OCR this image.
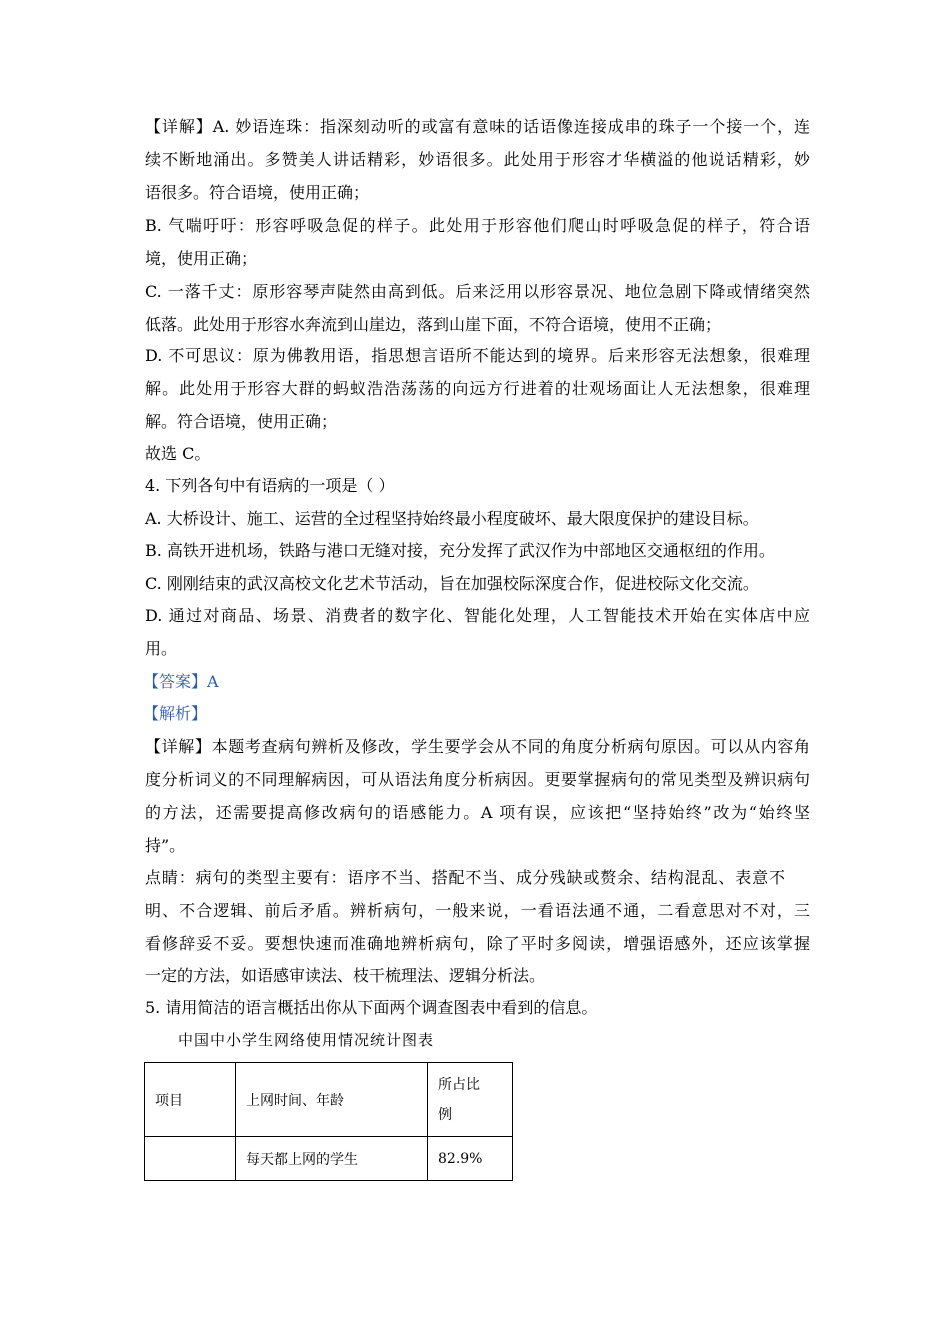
【详解】A. 妙语连珠：指深刻动听的或富有意味的话语像连接成串的珠子一个接一个，连
续不断地涌出。多赞美人讲话精彩，妙语很多。此处用于形容才华横溢的他说话精彩，妙
语很多。符合语境，使用正确；
B. 气喘吁吁：形容呼吸急促的样子。此处用于形容他们爬山时呼吸急促的样子，符合语
境，使用正确；
C. 一落千丈：原形容琴声陡然由高到低。后来泛用以形容景况、地位急剧下降或情绪突然
低落。此处用于形容水奔流到山崖边，落到山崖下面，不符合语境，使用不正确；
D. 不可思议：原为佛教用语，指思想言语所不能达到的境界。后来形容无法想象，很难理
解。此处用于形容大群的蚂蚁浩浩荡荡的向远方行进着的壮观场面让人无法想象，很难理
解。符合语境，使用正确；
故选 C。
4. 下列各句中有语病的一项是（ ）
A. 大桥设计、施工、运营的全过程坚持始终最小程度破坏、最大限度保护的建设目标。
B. 高铁开进机场，铁路与港口无缝对接，充分发挥了武汉作为中部地区交通枢纽的作用。
C. 刚刚结束的武汉高校文化艺术节活动，旨在加强校际深度合作，促进校际文化交流。
D. 通过对商品、场景、消费者的数字化、智能化处理，人工智能技术开始在实体店中应
用。
【答案】A
【解析】
【详解】本题考查病句辨析及修改，学生要学会从不同的角度分析病句原因。可以从内容角
度分析词义的不同理解病因，可从语法角度分析病因。更要掌握病句的常见类型及辨识病句
的方法，还需要提高修改病句的语感能力。A 项有误，应该把“坚持始终”改为“始终坚
持”。
点睛：病句的类型主要有：语序不当、搭配不当、成分残缺或赘余、结构混乱、表意不
明、不合逻辑、前后矛盾。辨析病句，一般来说，一看语法通不通，二看意思对不对，三
看修辞妥不妥。要想快速而准确地辨析病句，除了平时多阅读，增强语感外，还应该掌握
一定的方法，如语感审读法、枝干梳理法、逻辑分析法。
5. 请用简洁的语言概括出你从下面两个调查图表中看到的信息。
中国中小学生网络使用情况统计图表
项目	上网时间、年龄	所占比
例

	每天都上网的学生	82.9%
